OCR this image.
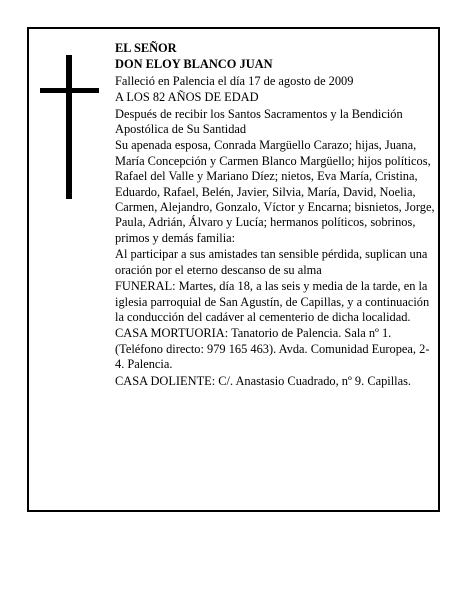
EL SEÑOR

DON ELOY BLANCO JUAN

Falleció en Palencia el día 17 de agosto de 2009

A LOS 82 AÑOS DE EDAD

Después de recibir los Santos Sacramentos y la Bendición Apostólica de Su Santidad

Su apenada esposa, Conrada Margüello Carazo; hijas, Juana, María Concepción y Carmen Blanco Margüello; hijos políticos, Rafael del Valle y Mariano Díez; nietos, Eva María, Cristina, Eduardo, Rafael, Belén, Javier, Silvia, María, David, Noelia, Carmen, Alejandro, Gonzalo, Víctor y Encarna; bisnietos, Jorge, Paula, Adrián, Álvaro y Lucía; hermanos políticos, sobrinos, primos y demás familia:

Al participar a sus amistades tan sensible pérdida, suplican una oración por el eterno descanso de su alma

FUNERAL: Martes, día 18, a las seis y media de la tarde, en la iglesia parroquial de San Agustín, de Capillas, y a continuación la conducción del cadáver al cementerio de dicha localidad.

CASA MORTUORIA: Tanatorio de Palencia. Sala nº 1. (Teléfono directo: 979 165 463). Avda. Comunidad Europea, 2-4. Palencia.

CASA DOLIENTE: C/. Anastasio Cuadrado, nº 9. Capillas.
